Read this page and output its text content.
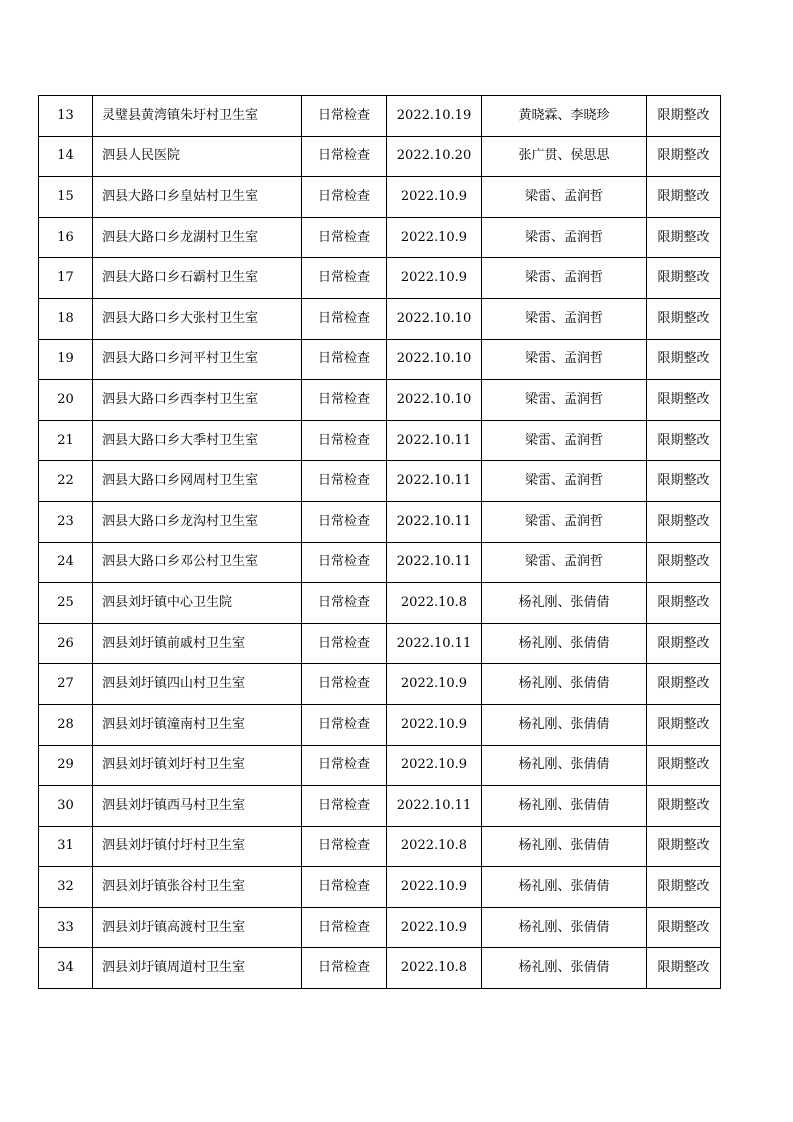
13	灵璧县黄湾镇朱圩村卫生室	日常检查	2022.10.19	黄晓霖、李晓珍	限期整改
14	泗县人民医院	日常检查	2022.10.20	张广贯、侯思思	限期整改
15	泗县大路口乡皇姑村卫生室	日常检查	2022.10.9	梁雷、孟润哲	限期整改
16	泗县大路口乡龙湖村卫生室	日常检查	2022.10.9	梁雷、孟润哲	限期整改
17	泗县大路口乡石霸村卫生室	日常检查	2022.10.9	梁雷、孟润哲	限期整改
18	泗县大路口乡大张村卫生室	日常检查	2022.10.10	梁雷、孟润哲	限期整改
19	泗县大路口乡河平村卫生室	日常检查	2022.10.10	梁雷、孟润哲	限期整改
20	泗县大路口乡西李村卫生室	日常检查	2022.10.10	梁雷、孟润哲	限期整改
21	泗县大路口乡大季村卫生室	日常检查	2022.10.11	梁雷、孟润哲	限期整改
22	泗县大路口乡网周村卫生室	日常检查	2022.10.11	梁雷、孟润哲	限期整改
23	泗县大路口乡龙沟村卫生室	日常检查	2022.10.11	梁雷、孟润哲	限期整改
24	泗县大路口乡邓公村卫生室	日常检查	2022.10.11	梁雷、孟润哲	限期整改
25	泗县刘圩镇中心卫生院	日常检查	2022.10.8	杨礼刚、张倩倩	限期整改
26	泗县刘圩镇前戚村卫生室	日常检查	2022.10.11	杨礼刚、张倩倩	限期整改
27	泗县刘圩镇四山村卫生室	日常检查	2022.10.9	杨礼刚、张倩倩	限期整改
28	泗县刘圩镇潼南村卫生室	日常检查	2022.10.9	杨礼刚、张倩倩	限期整改
29	泗县刘圩镇刘圩村卫生室	日常检查	2022.10.9	杨礼刚、张倩倩	限期整改
30	泗县刘圩镇西马村卫生室	日常检查	2022.10.11	杨礼刚、张倩倩	限期整改
31	泗县刘圩镇付圩村卫生室	日常检查	2022.10.8	杨礼刚、张倩倩	限期整改
32	泗县刘圩镇张谷村卫生室	日常检查	2022.10.9	杨礼刚、张倩倩	限期整改
33	泗县刘圩镇高渡村卫生室	日常检查	2022.10.9	杨礼刚、张倩倩	限期整改
34	泗县刘圩镇周道村卫生室	日常检查	2022.10.8	杨礼刚、张倩倩	限期整改
